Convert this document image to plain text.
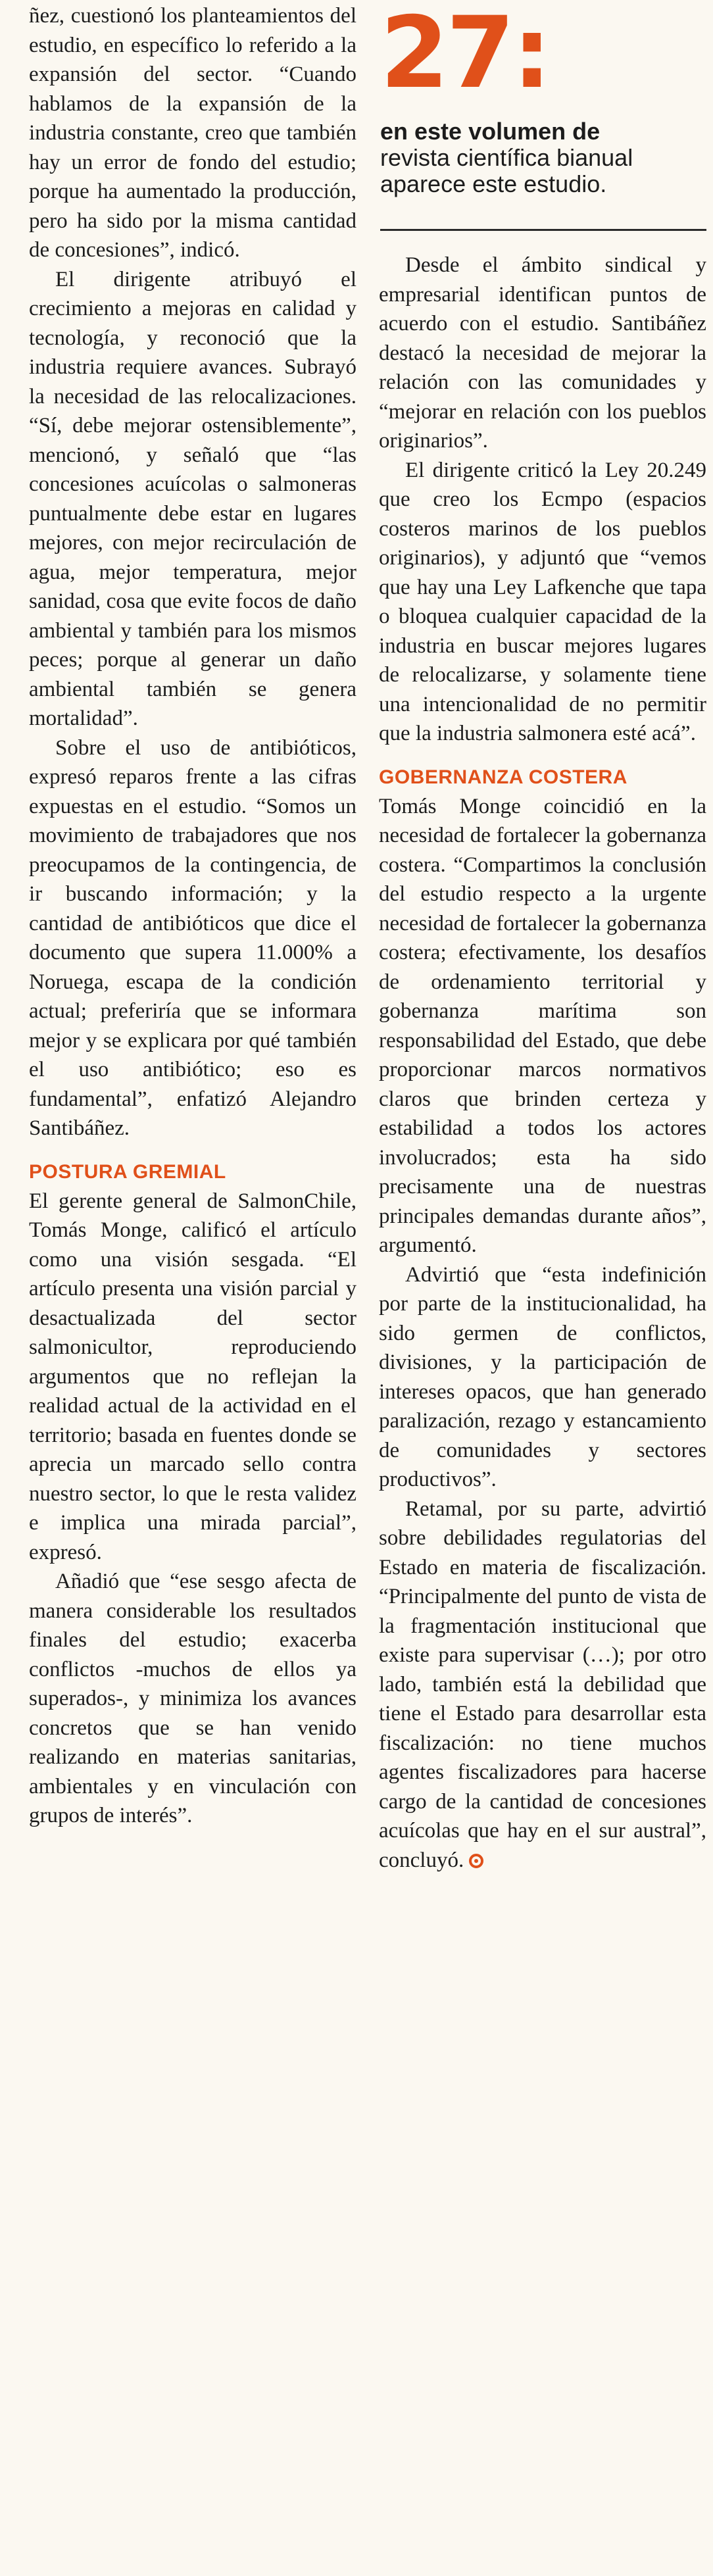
ñez, cuestionó los planteamientos del estudio, en específico lo referido a la expansión del sector. “Cuando hablamos de la expansión de la industria constante, creo que también hay un error de fondo del estudio; porque ha aumentado la producción, pero ha sido por la misma cantidad de concesiones”, indicó.

El dirigente atribuyó el crecimiento a mejoras en calidad y tecnología, y reconoció que la industria requiere avances. Subrayó la necesidad de las relocalizaciones. “Sí, debe mejorar ostensiblemente”, mencionó, y señaló que “las concesiones acuícolas o salmoneras puntualmente debe estar en lugares mejores, con mejor recirculación de agua, mejor temperatura, mejor sanidad, cosa que evite focos de daño ambiental y también para los mismos peces; porque al generar un daño ambiental también se genera mortalidad”.

Sobre el uso de antibióticos, expresó reparos frente a las cifras expuestas en el estudio. “Somos un movimiento de trabajadores que nos preocupamos de la contingencia, de ir buscando información; y la cantidad de antibióticos que dice el documento que supera 11.000% a Noruega, escapa de la condición actual; preferiría que se informara mejor y se explicara por qué también el uso antibiótico; eso es fundamental”, enfatizó Alejandro Santibáñez.

POSTURA GREMIAL

El gerente general de SalmonChile, Tomás Monge, calificó el artículo como una visión sesgada. “El artículo presenta una visión parcial y desactualizada del sector salmonicultor, reproduciendo argumentos que no reflejan la realidad actual de la actividad en el territorio; basada en fuentes donde se aprecia un marcado sello contra nuestro sector, lo que le resta validez e implica una mirada parcial”, expresó.

Añadió que “ese sesgo afecta de manera considerable los resultados finales del estudio; exacerba conflictos -muchos de ellos ya superados-, y minimiza los avances concretos que se han venido realizando en materias sanitarias, ambientales y en vinculación con grupos de interés”.

27:

en este volumen de
revista científica bianual aparece este estudio.

Desde el ámbito sindical y empresarial identifican puntos de acuerdo con el estudio. Santibáñez destacó la necesidad de mejorar la relación con las comunidades y “mejorar en relación con los pueblos originarios”.

El dirigente criticó la Ley 20.249 que creo los Ecmpo (espacios costeros marinos de los pueblos originarios), y adjuntó que “vemos que hay una Ley Lafkenche que tapa o bloquea cualquier capacidad de la industria en buscar mejores lugares de relocalizarse, y solamente tiene una intencionalidad de no permitir que la industria salmonera esté acá”.

GOBERNANZA COSTERA

Tomás Monge coincidió en la necesidad de fortalecer la gobernanza costera. “Compartimos la conclusión del estudio respecto a la urgente necesidad de fortalecer la gobernanza costera; efectivamente, los desafíos de ordenamiento territorial y gobernanza marítima son responsabilidad del Estado, que debe proporcionar marcos normativos claros que brinden certeza y estabilidad a todos los actores involucrados; esta ha sido precisamente una de nuestras principales demandas durante años”, argumentó.

Advirtió que “esta indefinición por parte de la institucionalidad, ha sido germen de conflictos, divisiones, y la participación de intereses opacos, que han generado paralización, rezago y estancamiento de comunidades y sectores productivos”.

Retamal, por su parte, advirtió sobre debilidades regulatorias del Estado en materia de fiscalización. “Principalmente del punto de vista de la fragmentación institucional que existe para supervisar (…); por otro lado, también está la debilidad que tiene el Estado para desarrollar esta fiscalización: no tiene muchos agentes fiscalizadores para hacerse cargo de la cantidad de concesiones acuícolas que hay en el sur austral”, concluyó.
